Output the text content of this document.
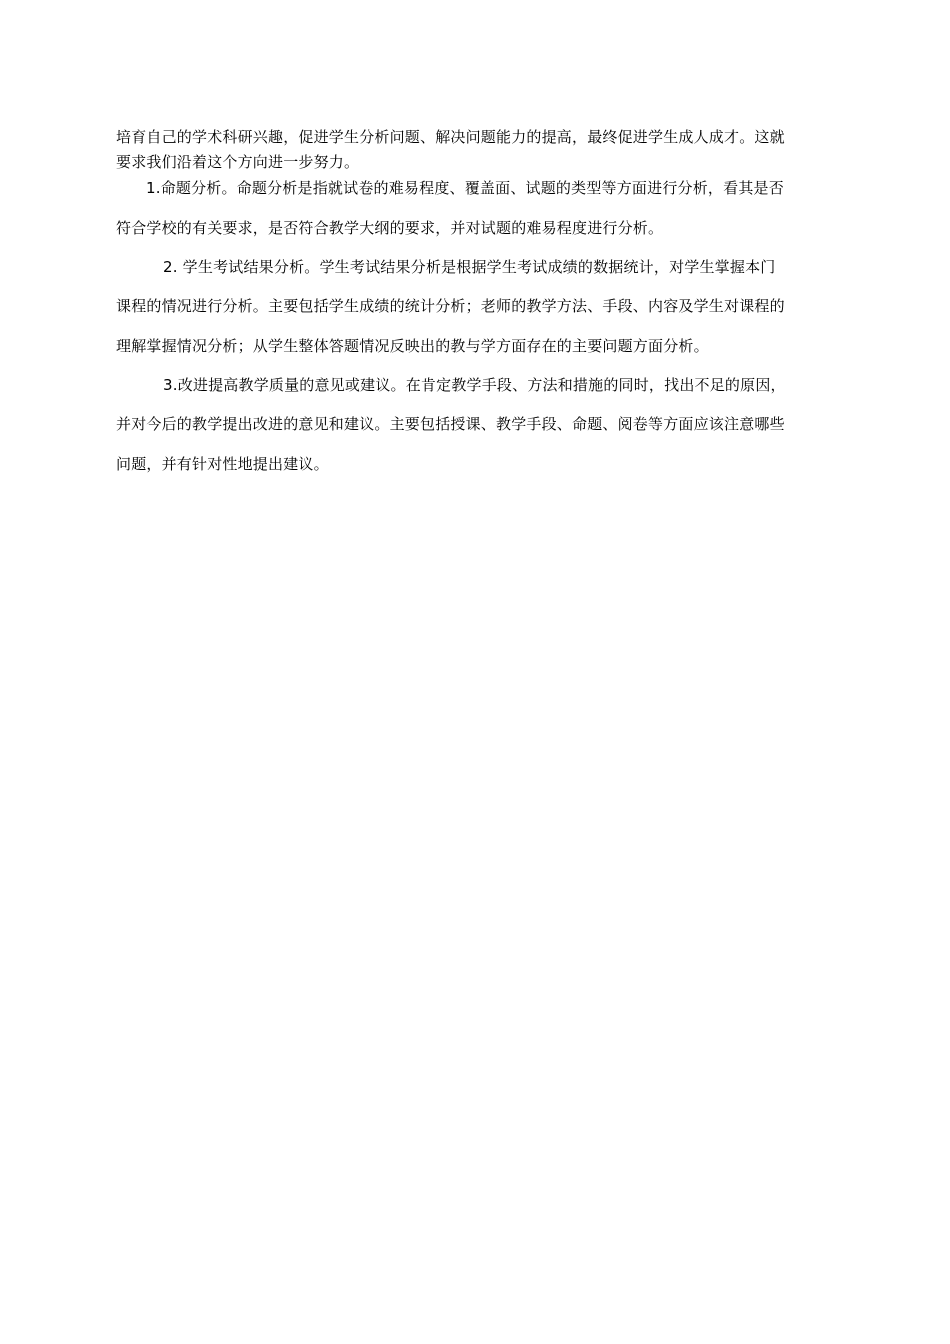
培育自己的学术科研兴趣，促进学生分析问题、解决问题能力的提高，最终促进学生成人成才。这就
要求我们沿着这个方向进一步努力。
1.命题分析。命题分析是指就试卷的难易程度、覆盖面、试题的类型等方面进行分析，看其是否
符合学校的有关要求，是否符合教学大纲的要求，并对试题的难易程度进行分析。
2. 学生考试结果分析。学生考试结果分析是根据学生考试成绩的数据统计，对学生掌握本门
课程的情况进行分析。主要包括学生成绩的统计分析；老师的教学方法、手段、内容及学生对课程的
理解掌握情况分析；从学生整体答题情况反映出的教与学方面存在的主要问题方面分析。
3.改进提高教学质量的意见或建议。在肯定教学手段、方法和措施的同时，找出不足的原因，
并对今后的教学提出改进的意见和建议。主要包括授课、教学手段、命题、阅卷等方面应该注意哪些
问题，并有针对性地提出建议。
